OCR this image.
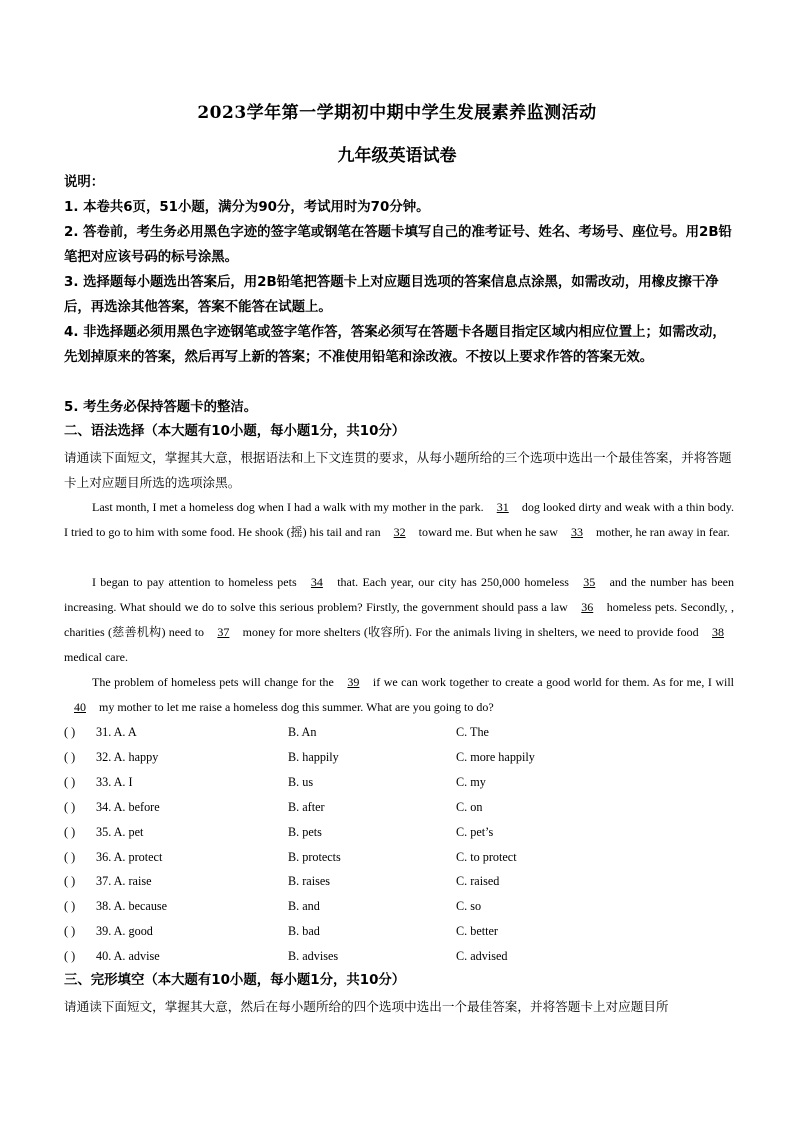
2023学年第一学期初中期中学生发展素养监测活动
九年级英语试卷
说明：
1. 本卷共6页，51小题，满分为90分，考试用时为70分钟。
2. 答卷前，考生务必用黑色字迹的签字笔或钢笔在答题卡填写自己的准考证号、姓名、考场号、座位号。用2B铅笔把对应该号码的标号涂黑。
3. 选择题每小题选出答案后，用2B铅笔把答题卡上对应题目选项的答案信息点涂黑，如需改动，用橡皮擦干净后，再选涂其他答案，答案不能答在试题上。
4. 非选择题必须用黑色字迹钢笔或签字笔作答，答案必须写在答题卡各题目指定区域内相应位置上；如需改动，先划掉原来的答案，然后再写上新的答案；不准使用铅笔和涂改液。不按以上要求作答的答案无效。
5. 考生务必保持答题卡的整洁。
二、语法选择（本大题有10小题，每小题1分，共10分）
请通读下面短文，掌握其大意，根据语法和上下文连贯的要求，从每小题所给的三个选项中选出一个最佳答案，并将答题卡上对应题目所选的选项涂黑。
Last month, I met a homeless dog when I had a walk with my mother in the park. 31 dog looked dirty and weak with a thin body. I tried to go to him with some food. He shook (摇) his tail and ran 32 toward me. But when he saw 33 mother, he ran away in fear.
I began to pay attention to homeless pets 34 that. Each year, our city has 250,000 homeless 35 and the number has been increasing. What should we do to solve this serious problem? Firstly, the government should pass a law 36 homeless pets. Secondly, , charities (慈善机构) need to 37 money for more shelters (收容所). For the animals living in shelters, we need to provide food 38 medical care.
The problem of homeless pets will change for the 39 if we can work together to create a good world for them. As for me, I will 40 my mother to let me raise a homeless dog this summer. What are you going to do?
( ) 31. A. A	B. An	C. The
( ) 32. A. happy	B. happily	C. more happily
( ) 33. A. I	B. us	C. my
( ) 34. A. before	B. after	C. on
( ) 35. A. pet	B. pets	C. pet’s
( ) 36. A. protect	B. protects	C. to protect
( ) 37. A. raise	B. raises	C. raised
( ) 38. A. because	B. and	C. so
( ) 39. A. good	B. bad	C. better
( ) 40. A. advise	B. advises	C. advised
三、完形填空（本大题有10小题，每小题1分，共10分）
请通读下面短文，掌握其大意，然后在每小题所给的四个选项中选出一个最佳答案，并将答题卡上对应题目所
